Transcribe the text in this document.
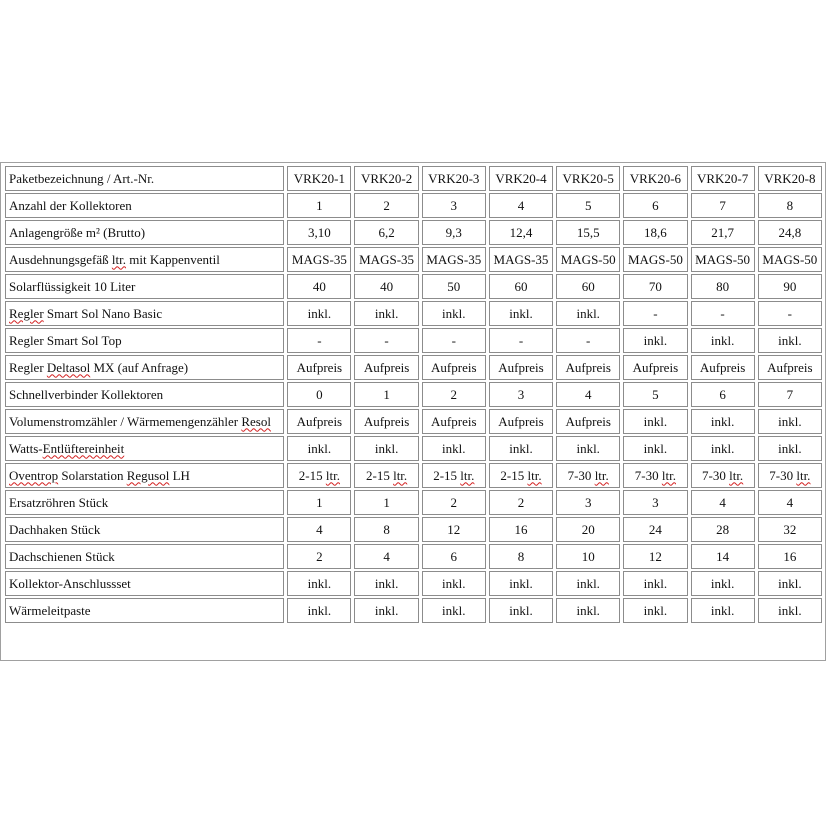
Paketbezeichnung / Art.-Nr.	VRK20-1	VRK20-2	VRK20-3	VRK20-4	VRK20-5	VRK20-6	VRK20-7	VRK20-8
Anzahl der Kollektoren	1	2	3	4	5	6	7	8
Anlagengröße m² (Brutto)	3,10	6,2	9,3	12,4	15,5	18,6	21,7	24,8
Ausdehnungsgefäß ltr. mit Kappenventil	MAGS-35	MAGS-35	MAGS-35	MAGS-35	MAGS-50	MAGS-50	MAGS-50	MAGS-50
Solarflüssigkeit 10 Liter	40	40	50	60	60	70	80	90
Regler Smart Sol Nano Basic	inkl.	inkl.	inkl.	inkl.	inkl.	-	-	-
Regler Smart Sol Top	-	-	-	-	-	inkl.	inkl.	inkl.
Regler Deltasol MX (auf Anfrage)	Aufpreis	Aufpreis	Aufpreis	Aufpreis	Aufpreis	Aufpreis	Aufpreis	Aufpreis
Schnellverbinder Kollektoren	0	1	2	3	4	5	6	7
Volumenstromzähler / Wärmemengenzähler Resol	Aufpreis	Aufpreis	Aufpreis	Aufpreis	Aufpreis	inkl.	inkl.	inkl.
Watts-Entlüftereinheit	inkl.	inkl.	inkl.	inkl.	inkl.	inkl.	inkl.	inkl.
Oventrop Solarstation Regusol LH	2-15 ltr.	2-15 ltr.	2-15 ltr.	2-15 ltr.	7-30 ltr.	7-30 ltr.	7-30 ltr.	7-30 ltr.
Ersatzröhren Stück	1	1	2	2	3	3	4	4
Dachhaken Stück	4	8	12	16	20	24	28	32
Dachschienen Stück	2	4	6	8	10	12	14	16
Kollektor-Anschlussset	inkl.	inkl.	inkl.	inkl.	inkl.	inkl.	inkl.	inkl.
Wärmeleitpaste	inkl.	inkl.	inkl.	inkl.	inkl.	inkl.	inkl.	inkl.
